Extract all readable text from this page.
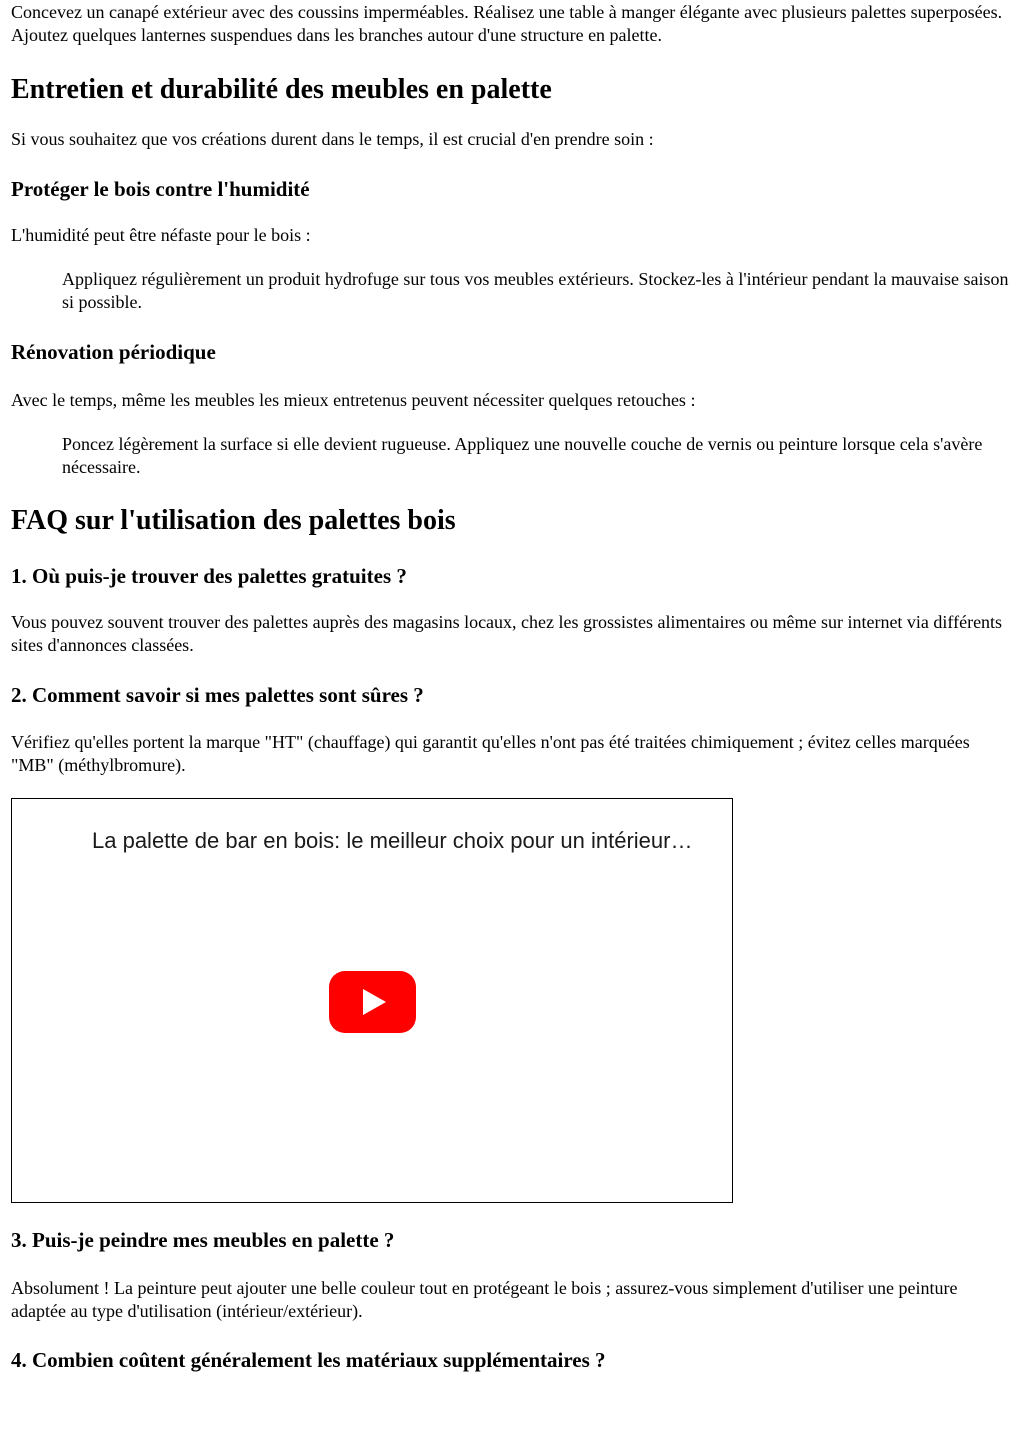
Concevez un canapé extérieur avec des coussins imperméables. Réalisez une table à manger élégante avec plusieurs palettes superposées. Ajoutez quelques lanternes suspendues dans les branches autour d'une structure en palette.

Entretien et durabilité des meubles en palette

Si vous souhaitez que vos créations durent dans le temps, il est crucial d'en prendre soin :

Protéger le bois contre l'humidité

L'humidité peut être néfaste pour le bois :

Appliquez régulièrement un produit hydrofuge sur tous vos meubles extérieurs. Stockez-les à l'intérieur pendant la mauvaise saison si possible.
Rénovation périodique

Avec le temps, même les meubles les mieux entretenus peuvent nécessiter quelques retouches :

Poncez légèrement la surface si elle devient rugueuse. Appliquez une nouvelle couche de vernis ou peinture lorsque cela s'avère nécessaire.
FAQ sur l'utilisation des palettes bois
1. Où puis-je trouver des palettes gratuites ?

Vous pouvez souvent trouver des palettes auprès des magasins locaux, chez les grossistes alimentaires ou même sur internet via différents sites d'annonces classées.

2. Comment savoir si mes palettes sont sûres ?

Vérifiez qu'elles portent la marque "HT" (chauffage) qui garantit qu'elles n'ont pas été traitées chimiquement ; évitez celles marquées "MB" (méthylbromure).

La palette de bar en bois: le meilleur choix pour un intérieur…
3. Puis-je peindre mes meubles en palette ?

Absolument ! La peinture peut ajouter une belle couleur tout en protégeant le bois ; assurez-vous simplement d'utiliser une peinture adaptée au type d'utilisation (intérieur/extérieur).

4. Combien coûtent généralement les matériaux supplémentaires ?
